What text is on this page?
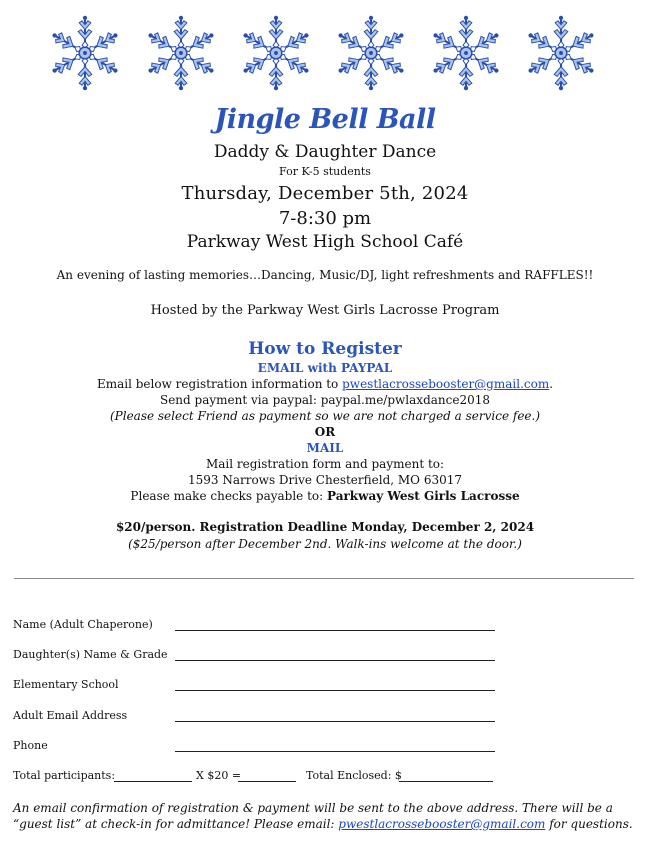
Jingle Bell Ball
Daddy & Daughter Dance
For K-5 students
Thursday, December 5th, 2024
7-8:30 pm
Parkway West High School Café
An evening of lasting memories…Dancing, Music/DJ, light refreshments and RAFFLES!!
Hosted by the Parkway West Girls Lacrosse Program
How to Register
EMAIL with PAYPAL
Email below registration information to pwestlacrossebooster@gmail.com.
Send payment via paypal: paypal.me/pwlaxdance2018
(Please select Friend as payment so we are not charged a service fee.)
OR
MAIL
Mail registration form and payment to:
1593 Narrows Drive Chesterfield, MO 63017
Please make checks payable to: Parkway West Girls Lacrosse
$20/person. Registration Deadline Monday, December 2, 2024
($25/person after December 2nd. Walk-ins welcome at the door.)
Name (Adult Chaperone)
Daughter(s) Name & Grade
Elementary School
Adult Email Address
Phone
Total participants:	X $20 =	Total Enclosed: $
An email confirmation of registration & payment will be sent to the above address. There will be a “guest list” at check-in for admittance! Please email: pwestlacrossebooster@gmail.com for questions.
